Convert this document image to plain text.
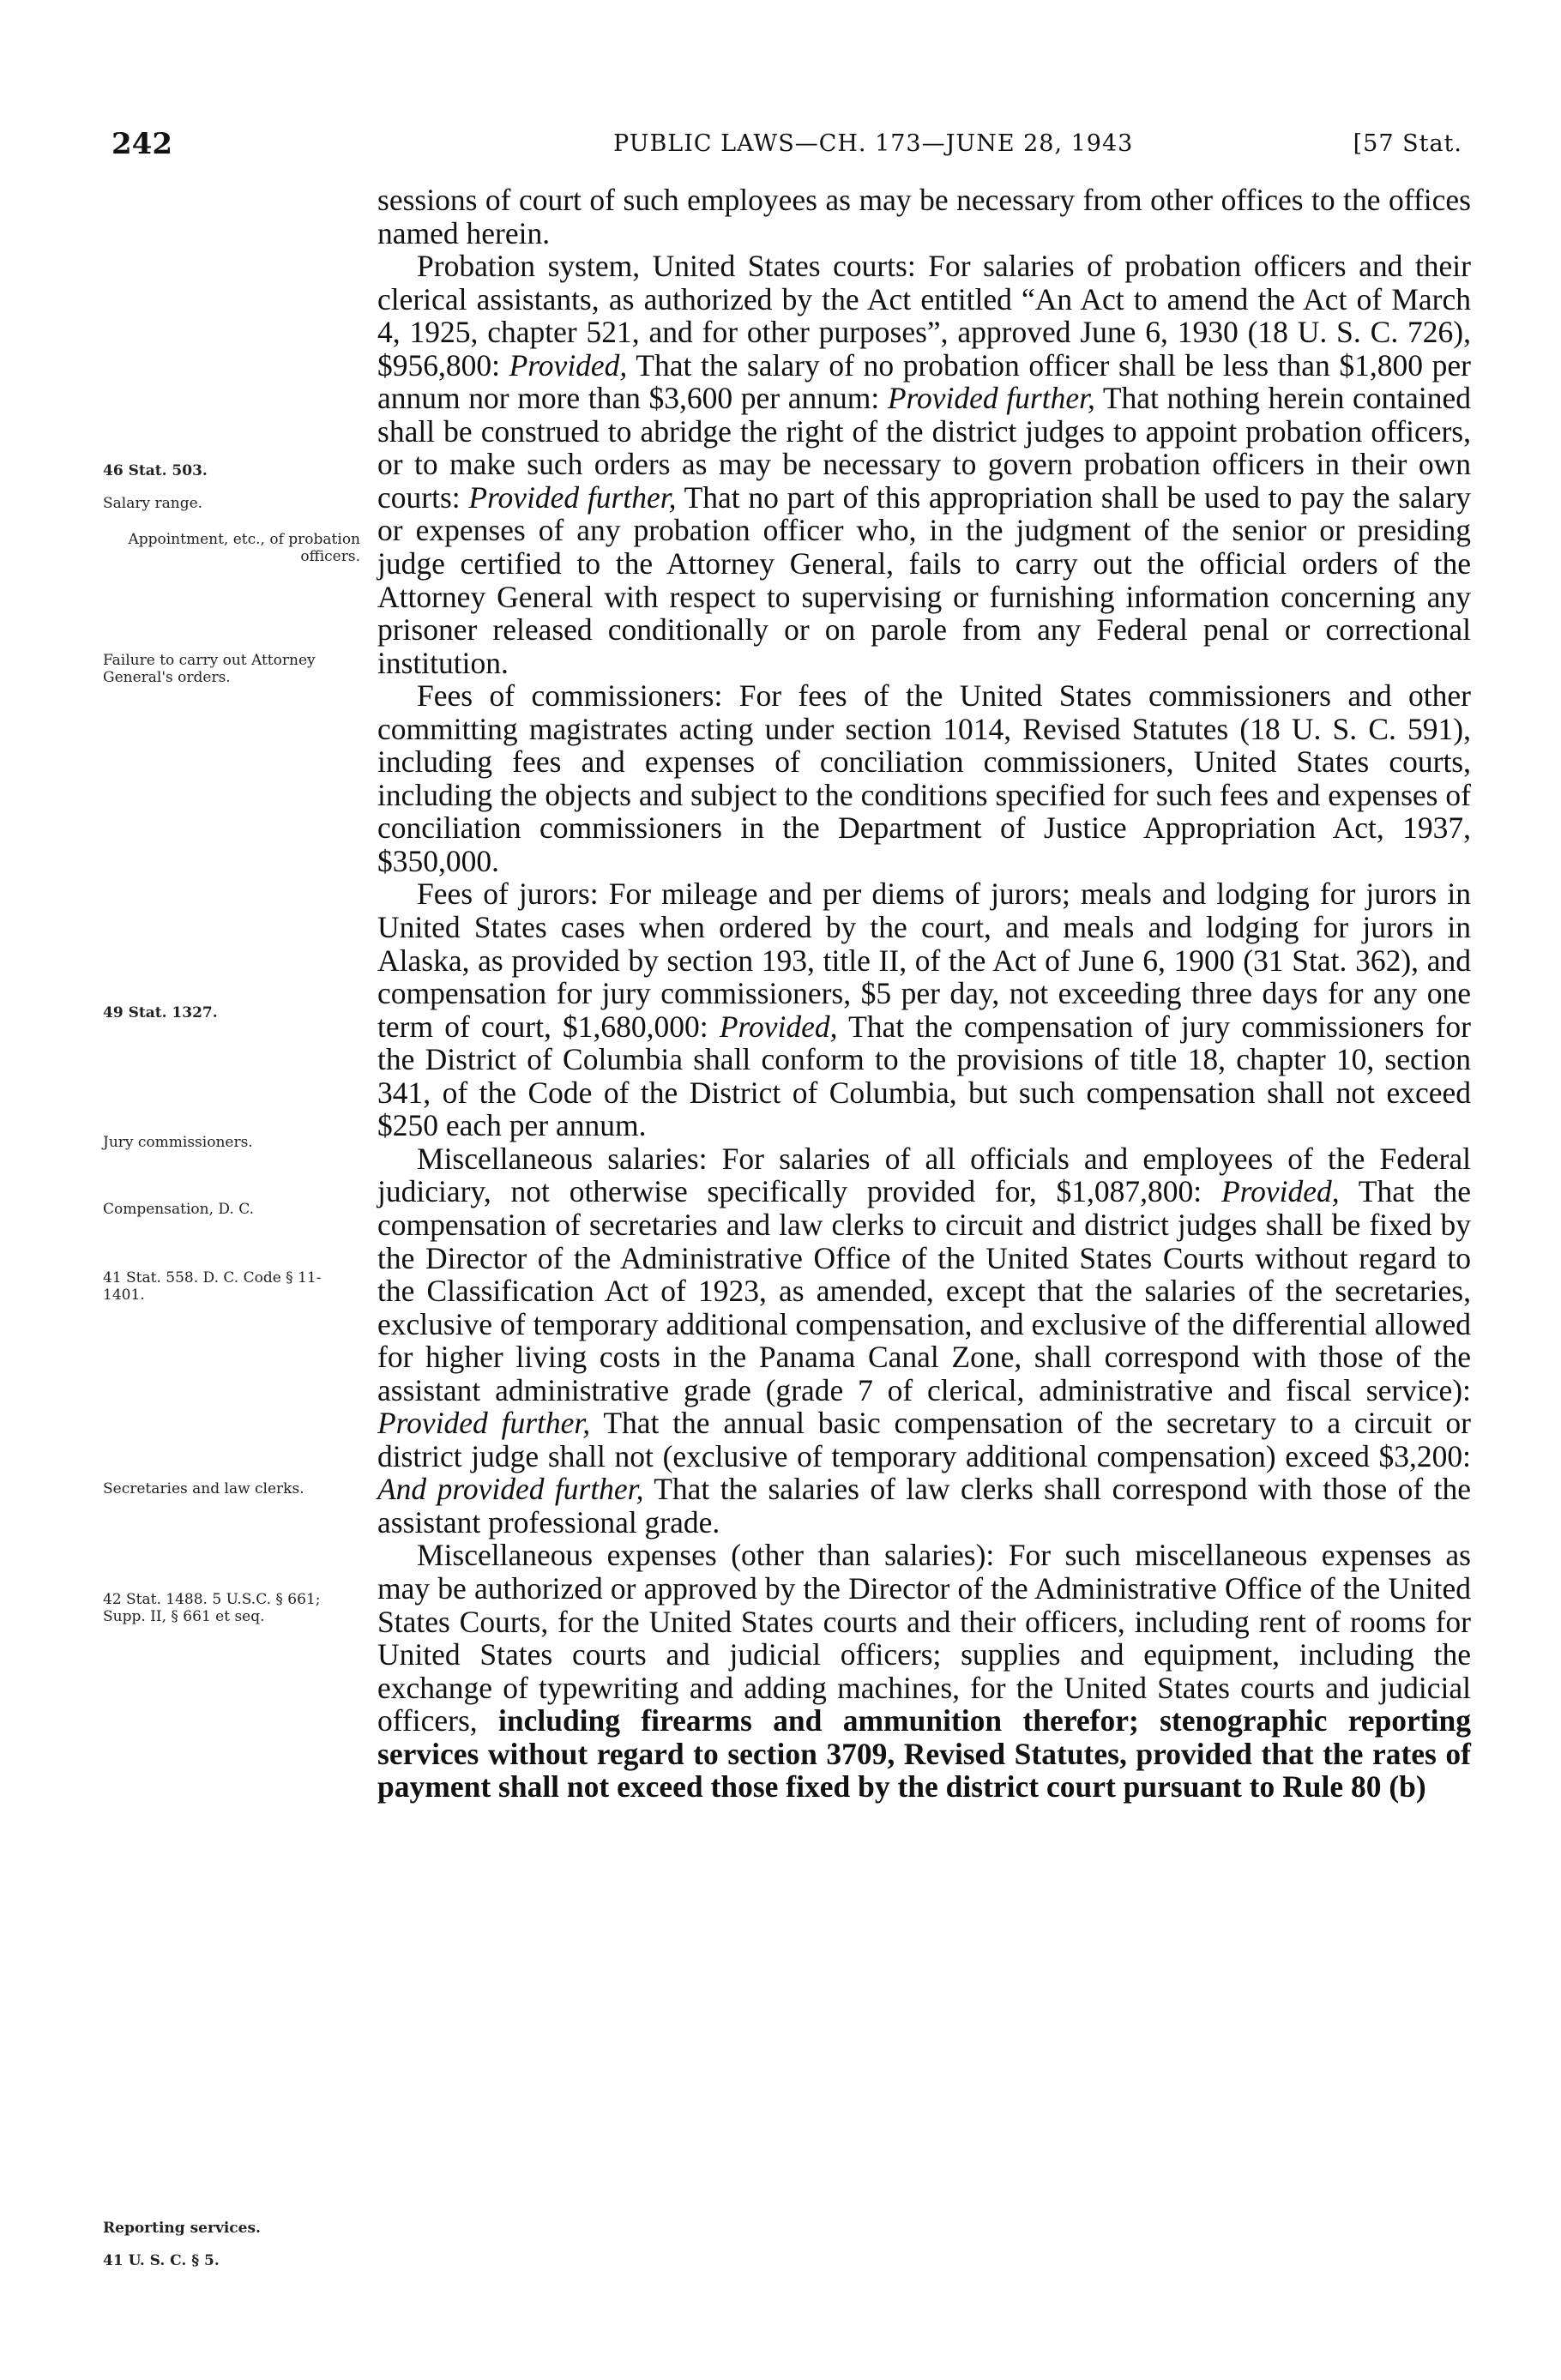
242	PUBLIC LAWS—CH. 173—JUNE 28, 1943	[57 Stat.
46 Stat. 503.
Salary range.
Appointment, etc., of probation officers.
Failure to carry out Attorney General's orders.
49 Stat. 1327.
Jury commissioners.
Compensation, D. C.
41 Stat. 558. D. C. Code § 11-1401.
Secretaries and law clerks.
42 Stat. 1488. 5 U.S.C. § 661; Supp. II, § 661 et seq.
Reporting services.
41 U. S. C. § 5.

sessions of court of such employees as may be necessary from other offices to the offices named herein.

Probation system, United States courts: For salaries of probation officers and their clerical assistants, as authorized by the Act entitled “An Act to amend the Act of March 4, 1925, chapter 521, and for other purposes”, approved June 6, 1930 (18 U. S. C. 726), $956,800: Provided, That the salary of no probation officer shall be less than $1,800 per annum nor more than $3,600 per annum: Provided further, That nothing herein contained shall be construed to abridge the right of the district judges to appoint probation officers, or to make such orders as may be necessary to govern probation officers in their own courts: Provided further, That no part of this appropriation shall be used to pay the salary or expenses of any probation officer who, in the judgment of the senior or presiding judge certified to the Attorney General, fails to carry out the official orders of the Attorney General with respect to supervising or furnishing information concerning any prisoner released conditionally or on parole from any Federal penal or correctional institution.

Fees of commissioners: For fees of the United States commissioners and other committing magistrates acting under section 1014, Revised Statutes (18 U. S. C. 591), including fees and expenses of conciliation commissioners, United States courts, including the objects and subject to the conditions specified for such fees and expenses of conciliation commissioners in the Department of Justice Appropriation Act, 1937, $350,000.

Fees of jurors: For mileage and per diems of jurors; meals and lodging for jurors in United States cases when ordered by the court, and meals and lodging for jurors in Alaska, as provided by section 193, title II, of the Act of June 6, 1900 (31 Stat. 362), and compensation for jury commissioners, $5 per day, not exceeding three days for any one term of court, $1,680,000: Provided, That the compensation of jury commissioners for the District of Columbia shall conform to the provisions of title 18, chapter 10, section 341, of the Code of the District of Columbia, but such compensation shall not exceed $250 each per annum.

Miscellaneous salaries: For salaries of all officials and employees of the Federal judiciary, not otherwise specifically provided for, $1,087,800: Provided, That the compensation of secretaries and law clerks to circuit and district judges shall be fixed by the Director of the Administrative Office of the United States Courts without regard to the Classification Act of 1923, as amended, except that the salaries of the secretaries, exclusive of temporary additional compensation, and exclusive of the differential allowed for higher living costs in the Panama Canal Zone, shall correspond with those of the assistant administrative grade (grade 7 of clerical, administrative and fiscal service): Provided further, That the annual basic compensation of the secretary to a circuit or district judge shall not (exclusive of temporary additional compensation) exceed $3,200: And provided further, That the salaries of law clerks shall correspond with those of the assistant professional grade.

Miscellaneous expenses (other than salaries): For such miscellaneous expenses as may be authorized or approved by the Director of the Administrative Office of the United States Courts, for the United States courts and their officers, including rent of rooms for United States courts and judicial officers; supplies and equipment, including the exchange of typewriting and adding machines, for the United States courts and judicial officers, including firearms and ammunition therefor; stenographic reporting services without regard to section 3709, Revised Statutes, provided that the rates of payment shall not exceed those fixed by the district court pursuant to Rule 80 (b)
